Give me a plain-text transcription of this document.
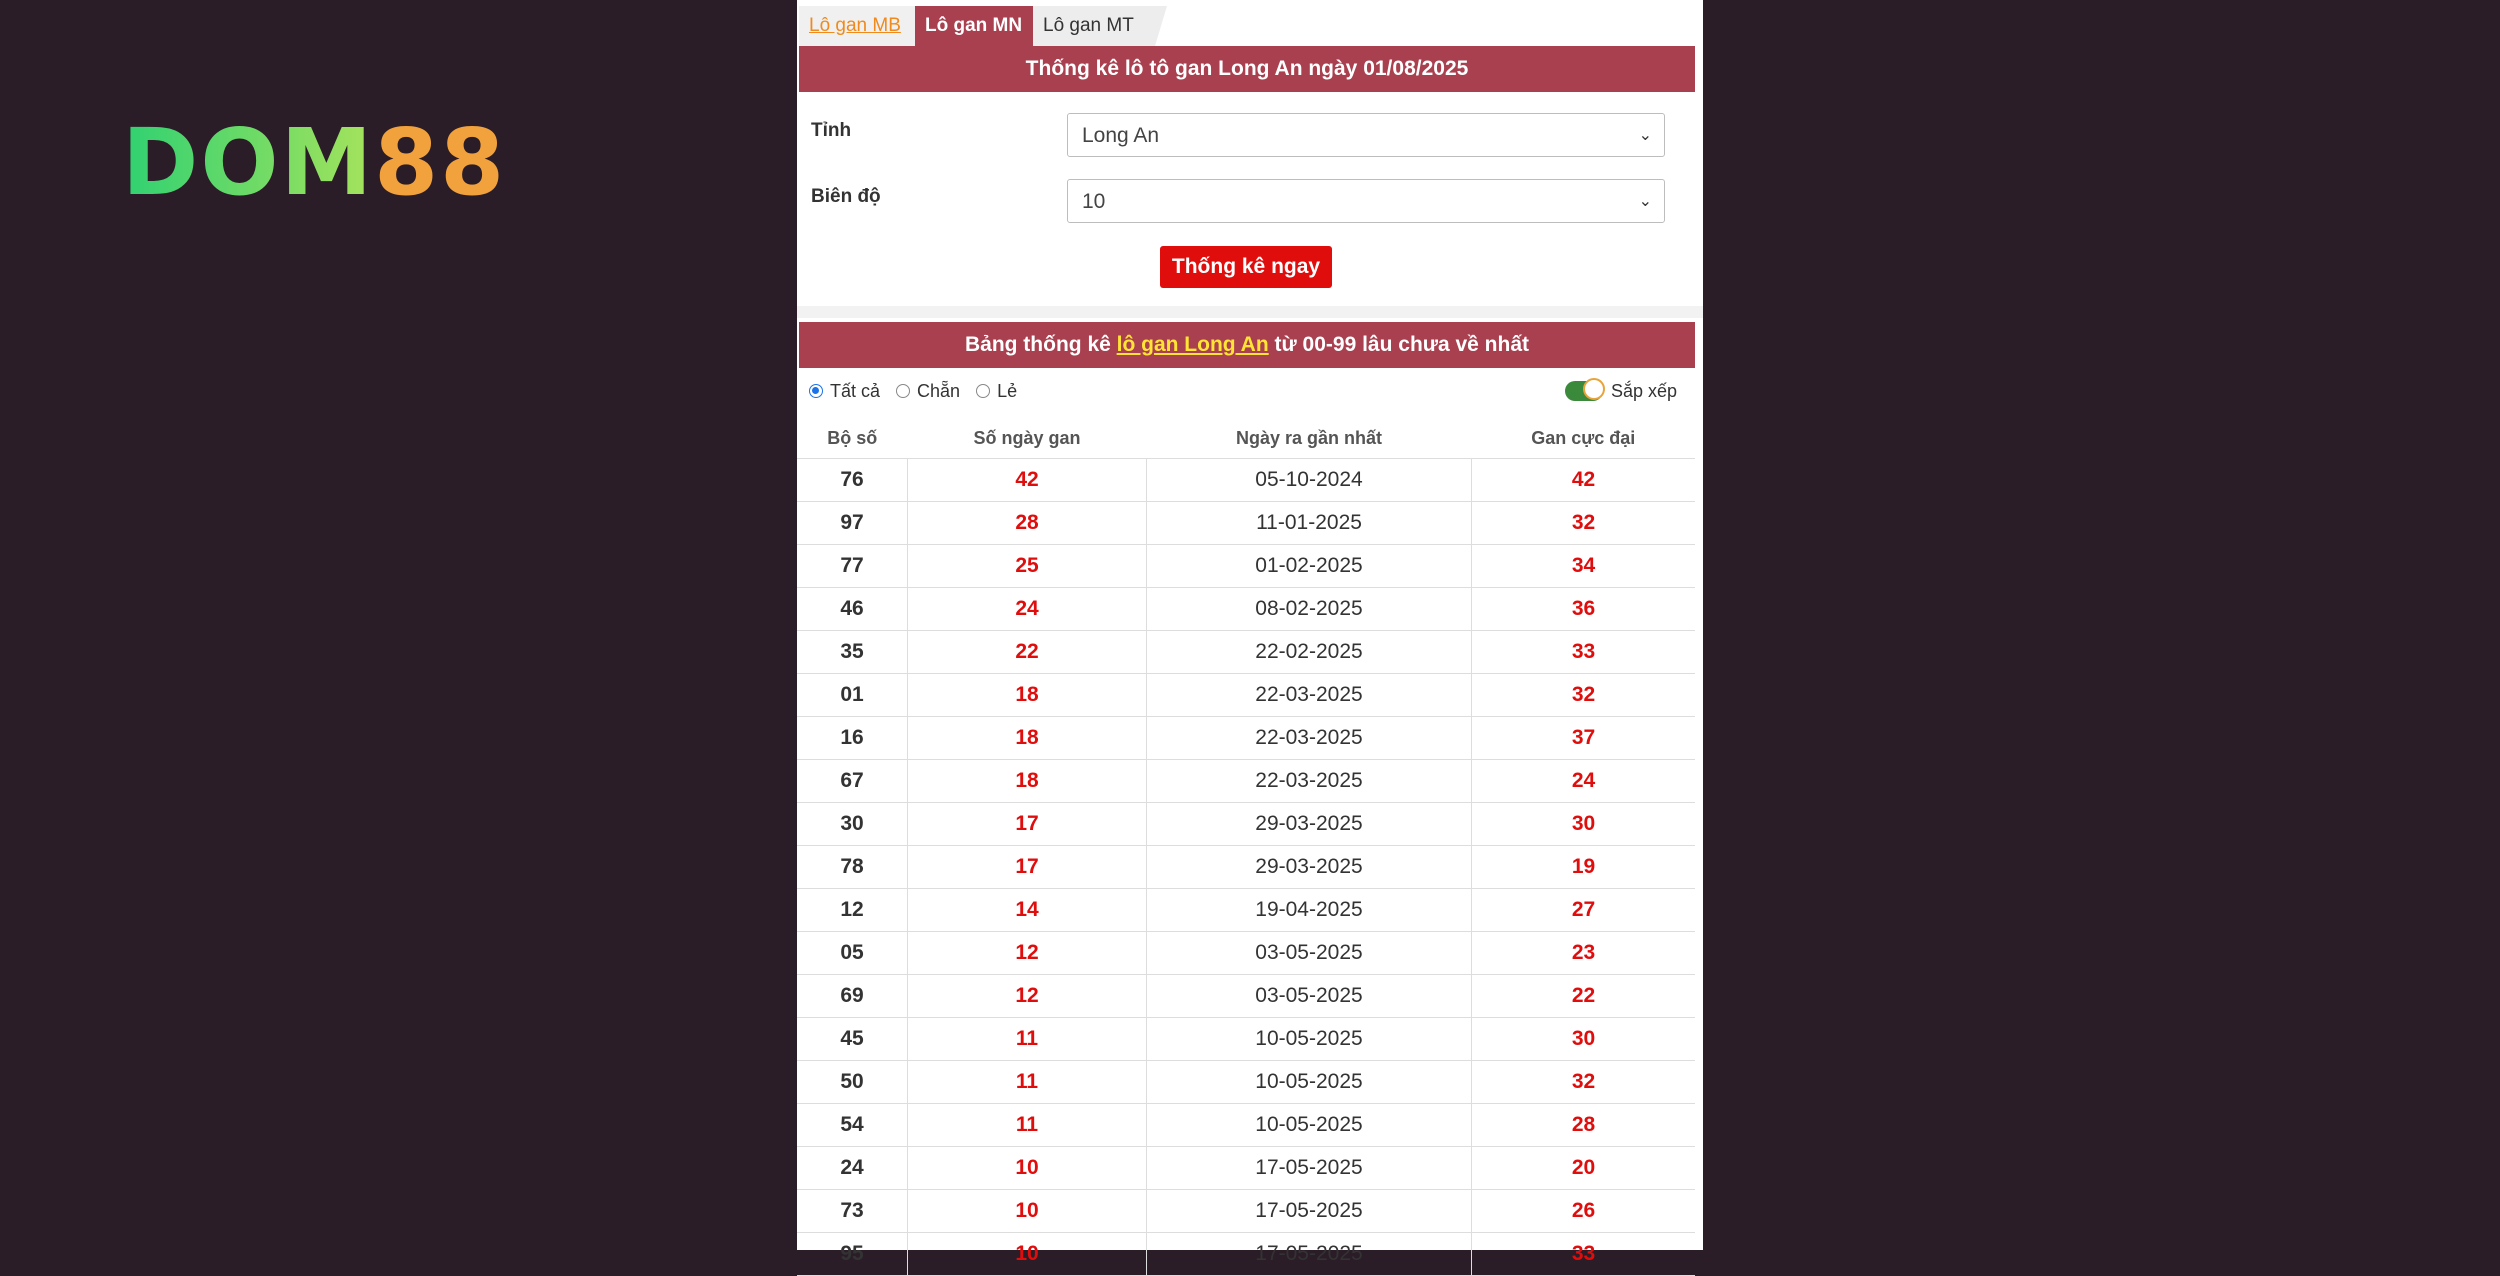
DOM 88
Lô gan MB	Lô gan MN	Lô gan MT
Thống kê lô tô gan Long An ngày 01/08/2025
Tỉnh	Long An	⌄
Biên độ	10	⌄
Thống kê ngay
Bảng thống kê lô gan Long An từ 00-99 lâu chưa về nhất
Tất cả Chẵn Lẻ	Sắp xếp
Bộ số	Số ngày gan	Ngày ra gần nhất	Gan cực đại
76	42	05-10-2024	42
97	28	11-01-2025	32
77	25	01-02-2025	34
46	24	08-02-2025	36
35	22	22-02-2025	33
01	18	22-03-2025	32
16	18	22-03-2025	37
67	18	22-03-2025	24
30	17	29-03-2025	30
78	17	29-03-2025	19
12	14	19-04-2025	27
05	12	03-05-2025	23
69	12	03-05-2025	22
45	11	10-05-2025	30
50	11	10-05-2025	32
54	11	10-05-2025	28
24	10	17-05-2025	20
73	10	17-05-2025	26
95	10	17-05-2025	33
